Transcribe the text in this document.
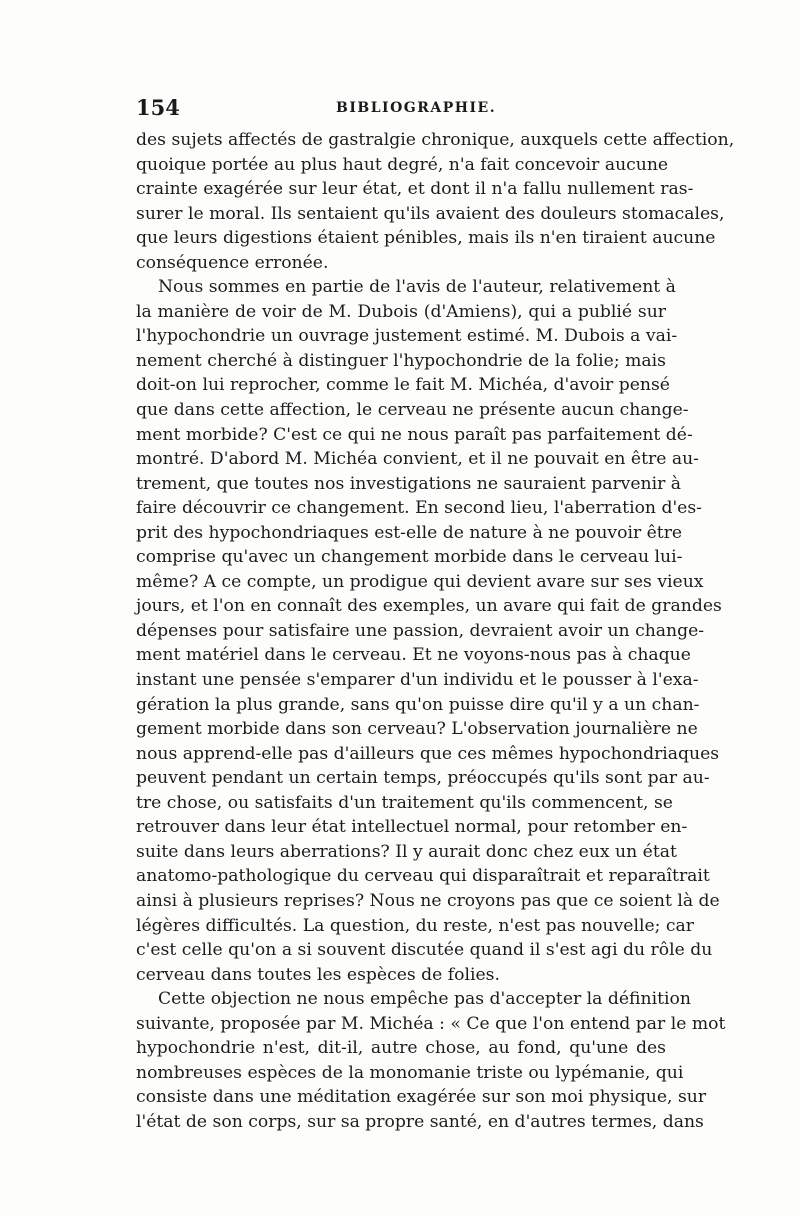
154	BIBLIOGRAPHIE.
des sujets affectés de gastralgie chronique, auxquels cette affection,
quoique portée au plus haut degré, n'a fait concevoir aucune
crainte exagérée sur leur état, et dont il n'a fallu nullement ras-
surer le moral. Ils sentaient qu'ils avaient des douleurs stomacales,
que leurs digestions étaient pénibles, mais ils n'en tiraient aucune
conséquence erronée.
Nous sommes en partie de l'avis de l'auteur, relativement à
la manière de voir de M. Dubois (d'Amiens), qui a publié sur
l'hypochondrie un ouvrage justement estimé. M. Dubois a vai-
nement cherché à distinguer l'hypochondrie de la folie; mais
doit-on lui reprocher, comme le fait M. Michéa, d'avoir pensé
que dans cette affection, le cerveau ne présente aucun change-
ment morbide? C'est ce qui ne nous paraît pas parfaitement dé-
montré. D'abord M. Michéa convient, et il ne pouvait en être au-
trement, que toutes nos investigations ne sauraient parvenir à
faire découvrir ce changement. En second lieu, l'aberration d'es-
prit des hypochondriaques est-elle de nature à ne pouvoir être
comprise qu'avec un changement morbide dans le cerveau lui-
même? A ce compte, un prodigue qui devient avare sur ses vieux
jours, et l'on en connaît des exemples, un avare qui fait de grandes
dépenses pour satisfaire une passion, devraient avoir un change-
ment matériel dans le cerveau. Et ne voyons-nous pas à chaque
instant une pensée s'emparer d'un individu et le pousser à l'exa-
gération la plus grande, sans qu'on puisse dire qu'il y a un chan-
gement morbide dans son cerveau? L'observation journalière ne
nous apprend-elle pas d'ailleurs que ces mêmes hypochondriaques
peuvent pendant un certain temps, préoccupés qu'ils sont par au-
tre chose, ou satisfaits d'un traitement qu'ils commencent, se
retrouver dans leur état intellectuel normal, pour retomber en-
suite dans leurs aberrations? Il y aurait donc chez eux un état
anatomo-pathologique du cerveau qui disparaîtrait et reparaîtrait
ainsi à plusieurs reprises? Nous ne croyons pas que ce soient là de
légères difficultés. La question, du reste, n'est pas nouvelle; car
c'est celle qu'on a si souvent discutée quand il s'est agi du rôle du
cerveau dans toutes les espèces de folies.
Cette objection ne nous empêche pas d'accepter la définition
suivante, proposée par M. Michéa : « Ce que l'on entend par le mot
hypochondrie n'est, dit-il, autre chose, au fond, qu'une des
nombreuses espèces de la monomanie triste ou lypémanie, qui
consiste dans une méditation exagérée sur son moi physique, sur
l'état de son corps, sur sa propre santé, en d'autres termes, dans
